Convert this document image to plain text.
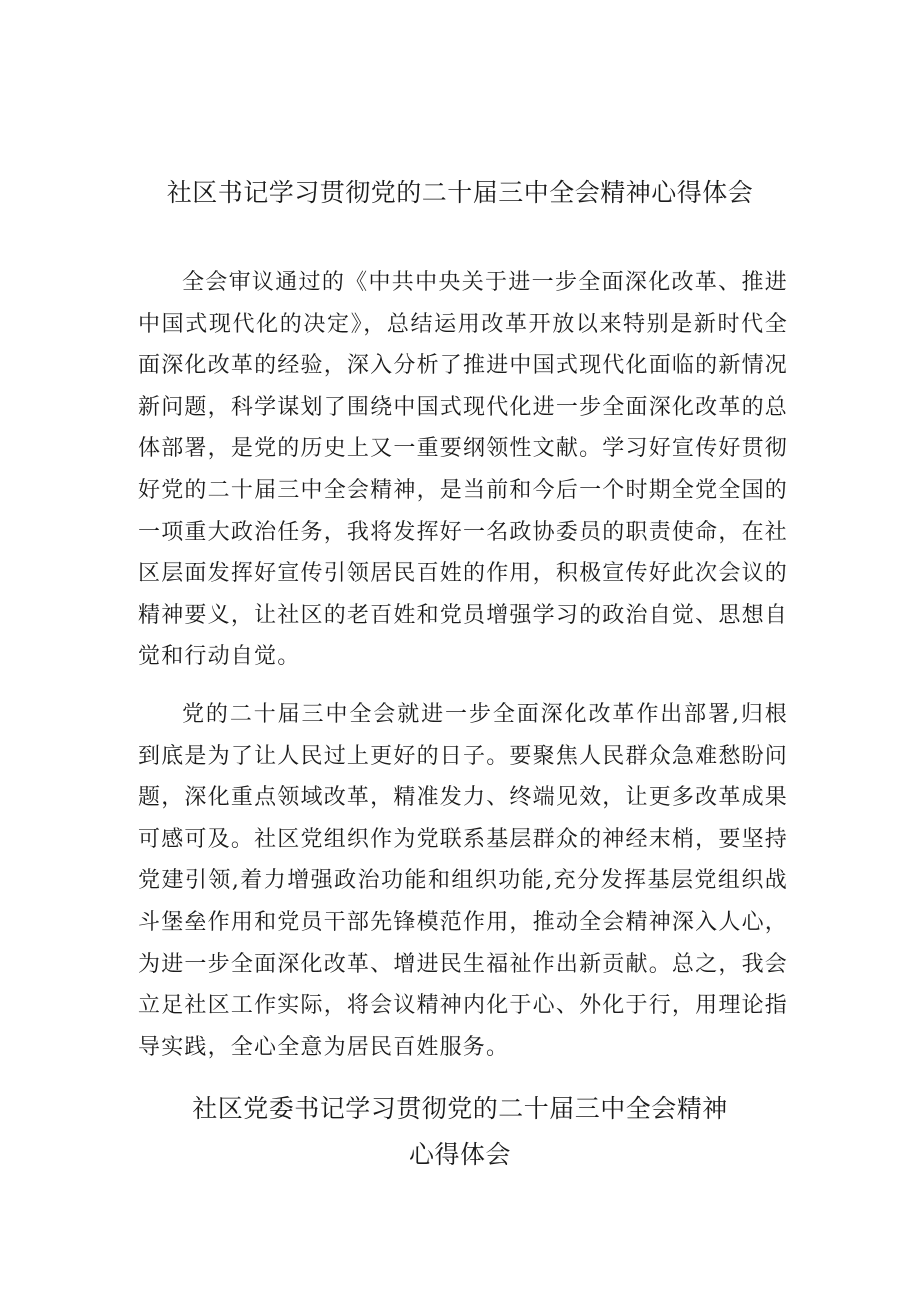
社区书记学习贯彻党的二十届三中全会精神心得体会

全会审议通过的《中共中央关于进一步全面深化改革、推进中国式现代化的决定》，总结运用改革开放以来特别是新时代全面深化改革的经验，深入分析了推进中国式现代化面临的新情况新问题，科学谋划了围绕中国式现代化进一步全面深化改革的总体部署，是党的历史上又一重要纲领性文献。学习好宣传好贯彻好党的二十届三中全会精神，是当前和今后一个时期全党全国的一项重大政治任务，我将发挥好一名政协委员的职责使命，在社区层面发挥好宣传引领居民百姓的作用，积极宣传好此次会议的精神要义，让社区的老百姓和党员增强学习的政治自觉、思想自觉和行动自觉。

党的二十届三中全会就进一步全面深化改革作出部署,归根到底是为了让人民过上更好的日子。要聚焦人民群众急难愁盼问题，深化重点领域改革，精准发力、终端见效，让更多改革成果可感可及。社区党组织作为党联系基层群众的神经末梢，要坚持党建引领,着力增强政治功能和组织功能,充分发挥基层党组织战斗堡垒作用和党员干部先锋模范作用，推动全会精神深入人心，为进一步全面深化改革、增进民生福祉作出新贡献。总之，我会立足社区工作实际，将会议精神内化于心、外化于行，用理论指导实践，全心全意为居民百姓服务。

社区党委书记学习贯彻党的二十届三中全会精神心得体会
